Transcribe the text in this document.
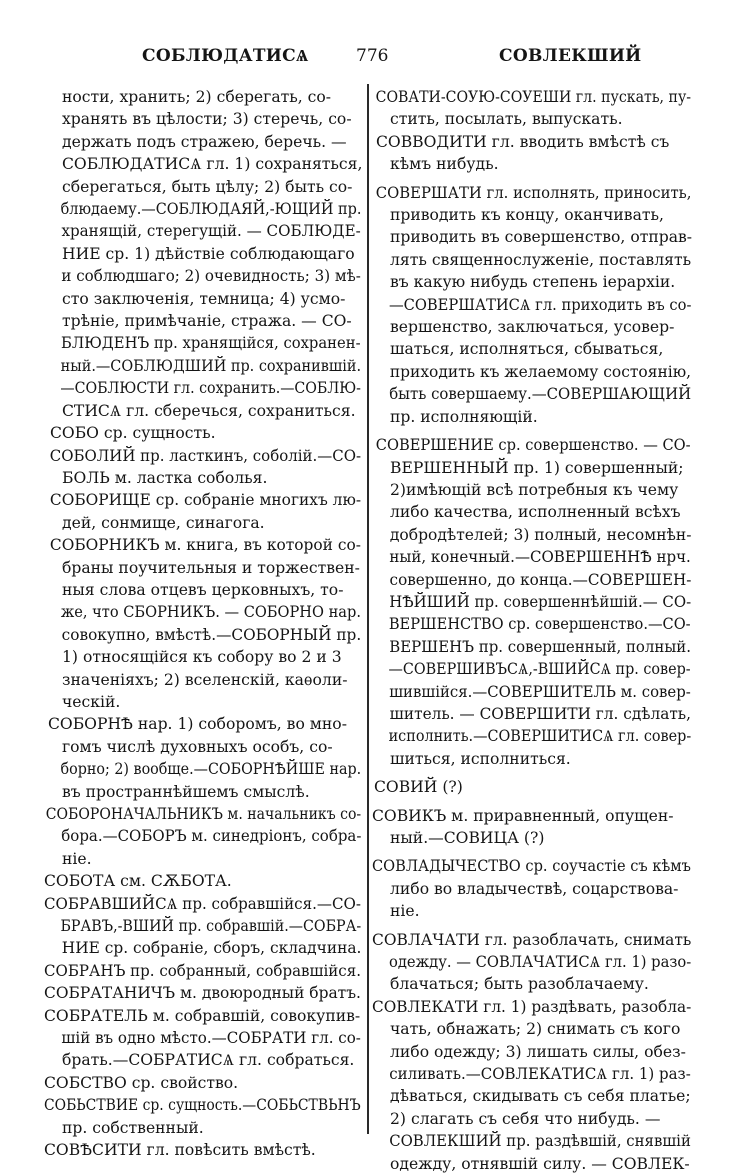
СОБЛЮДАТИСѦ	776	СОВЛЕКШИЙ
ности, хранить; 2) сберегать, со-
хранять въ цѣлости; 3) стеречь, со-
держать подъ стражею, беречь. —
СОБЛЮДАТИСѦ гл. 1) сохраняться,
сберегаться, быть цѣлу; 2) быть со-
блюдаему.—СОБЛЮДАЯЙ,-ЮЩИЙ пр.
хранящій, стерегущій. — СОБЛЮДЕ-
НИЕ ср. 1) дѣйствіе соблюдающаго
и соблюдшаго; 2) очевидность; 3) мѣ-
сто заключенія, темница; 4) усмо-
трѣніе, примѣчаніе, стража. — СО-
БЛЮДЕНЪ пр. хранящійся, сохранен-
ный.—СОБЛЮДШИЙ пр. сохранившій.
—СОБЛЮСТИ гл. сохранить.—СОБЛЮ-
СТИСѦ гл. сберечься, сохраниться.
СОБО ср. сущность.
СОБОЛИЙ пр. ласткинъ, соболій.—СО-
БОЛЬ м. ластка соболья.
СОБОРИЩЕ ср. собраніе многихъ лю-
дей, сонмище, синагога.
СОБОРНИКЪ м. книга, въ которой со-
браны поучительныя и торжествен-
ныя слова отцевъ церковныхъ, то-
же, что СБОРНИКЪ. — СОБОРНО нар.
совокупно, вмѣстѣ.—СОБОРНЫЙ пр.
1) относящійся къ собору во 2 и 3
значеніяхъ; 2) вселенскій, каѳоли-
ческій.
СОБОРНѢ нар. 1) соборомъ, во мно-
гомъ числѣ духовныхъ особъ, со-
борно; 2) вообще.—СОБОРНѢЙШЕ нар.
въ пространнѣйшемъ смыслѣ.
СОБОРОНАЧАЛЬНИКЪ м. начальникъ со-
бора.—СОБОРЪ м. синедріонъ, собра-
ніе.
СОБОТА см. СѪБОТА.
СОБРАВШИЙСѦ пр. собравшійся.—СО-
БРАВЪ,-ВШИЙ пр. собравшій.—СОБРА-
НИЕ ср. собраніе, сборъ, складчина.
СОБРАНЪ пр. собранный, собравшійся.
СОБРАТАНИЧЪ м. двоюродный братъ.
СОБРАТЕЛЬ м. собравшій, совокупив-
шій въ одно мѣсто.—СОБРАТИ гл. со-
брать.—СОБРАТИСѦ гл. собраться.
СОБСТВО ср. свойство.
СОБЬСТВИЕ ср. сущность.—СОБЬСТВЬНЪ
пр. собственный.
СОВѢСИТИ гл. повѣсить вмѣстѣ.
СОВАТИ-СОУЮ-СОУЕШИ гл. пускать, пу-
стить, посылать, выпускать.
СОВВОДИТИ гл. вводить вмѣстѣ съ
кѣмъ нибудь.
СОВЕРШАТИ гл. исполнять, приносить,
приводить къ концу, оканчивать,
приводить въ совершенство, отправ-
лять священнослуженіе, поставлять
въ какую нибудь степень іерархіи.
—СОВЕРШАТИСѦ гл. приходить въ со-
вершенство, заключаться, усовер-
шаться, исполняться, сбываться,
приходить къ желаемому состоянію,
быть совершаему.—СОВЕРШАЮЩИЙ
пр. исполняющій.
СОВЕРШЕНИЕ ср. совершенство. — СО-
ВЕРШЕННЫЙ пр. 1) совершенный;
2)имѣющій всѣ потребныя къ чему
либо качества, исполненный всѣхъ
добродѣтелей; 3) полный, несомнѣн-
ный, конечный.—СОВЕРШЕННѢ нрч.
совершенно, до конца.—СОВЕРШЕН-
НѢЙШИЙ пр. совершеннѣйшій.— СО-
ВЕРШЕНСТВО ср. совершенство.—СО-
ВЕРШЕНЪ пр. совершенный, полный.
—СОВЕРШИВЪСѦ,-ВШИЙСѦ пр. совер-
шившійся.—СОВЕРШИТЕЛЬ м. совер-
шитель. — СОВЕРШИТИ гл. сдѣлать,
исполнить.—СОВЕРШИТИСѦ гл. совер-
шиться, исполниться.
СОВИЙ (?)
СОВИКЪ м. приравненный, опущен-
ный.—СОВИЦА (?)
СОВЛАДЫЧЕСТВО ср. соучастіе съ кѣмъ
либо во владычествѣ, соцарствова-
ніе.
СОВЛАЧАТИ гл. разоблачать, снимать
одежду. — СОВЛАЧАТИСѦ гл. 1) разо-
блачаться; быть разоблачаему.
СОВЛЕКАТИ гл. 1) раздѣвать, разобла-
чать, обнажать; 2) снимать съ кого
либо одежду; 3) лишать силы, обез-
силивать.—СОВЛЕКАТИСѦ гл. 1) раз-
дѣваться, скидывать съ себя платье;
2) слагать съ себя что нибудь. —
СОВЛЕКШИЙ пр. раздѣвшій, снявшій
одежду, отнявшій силу. — СОВЛЕК-
